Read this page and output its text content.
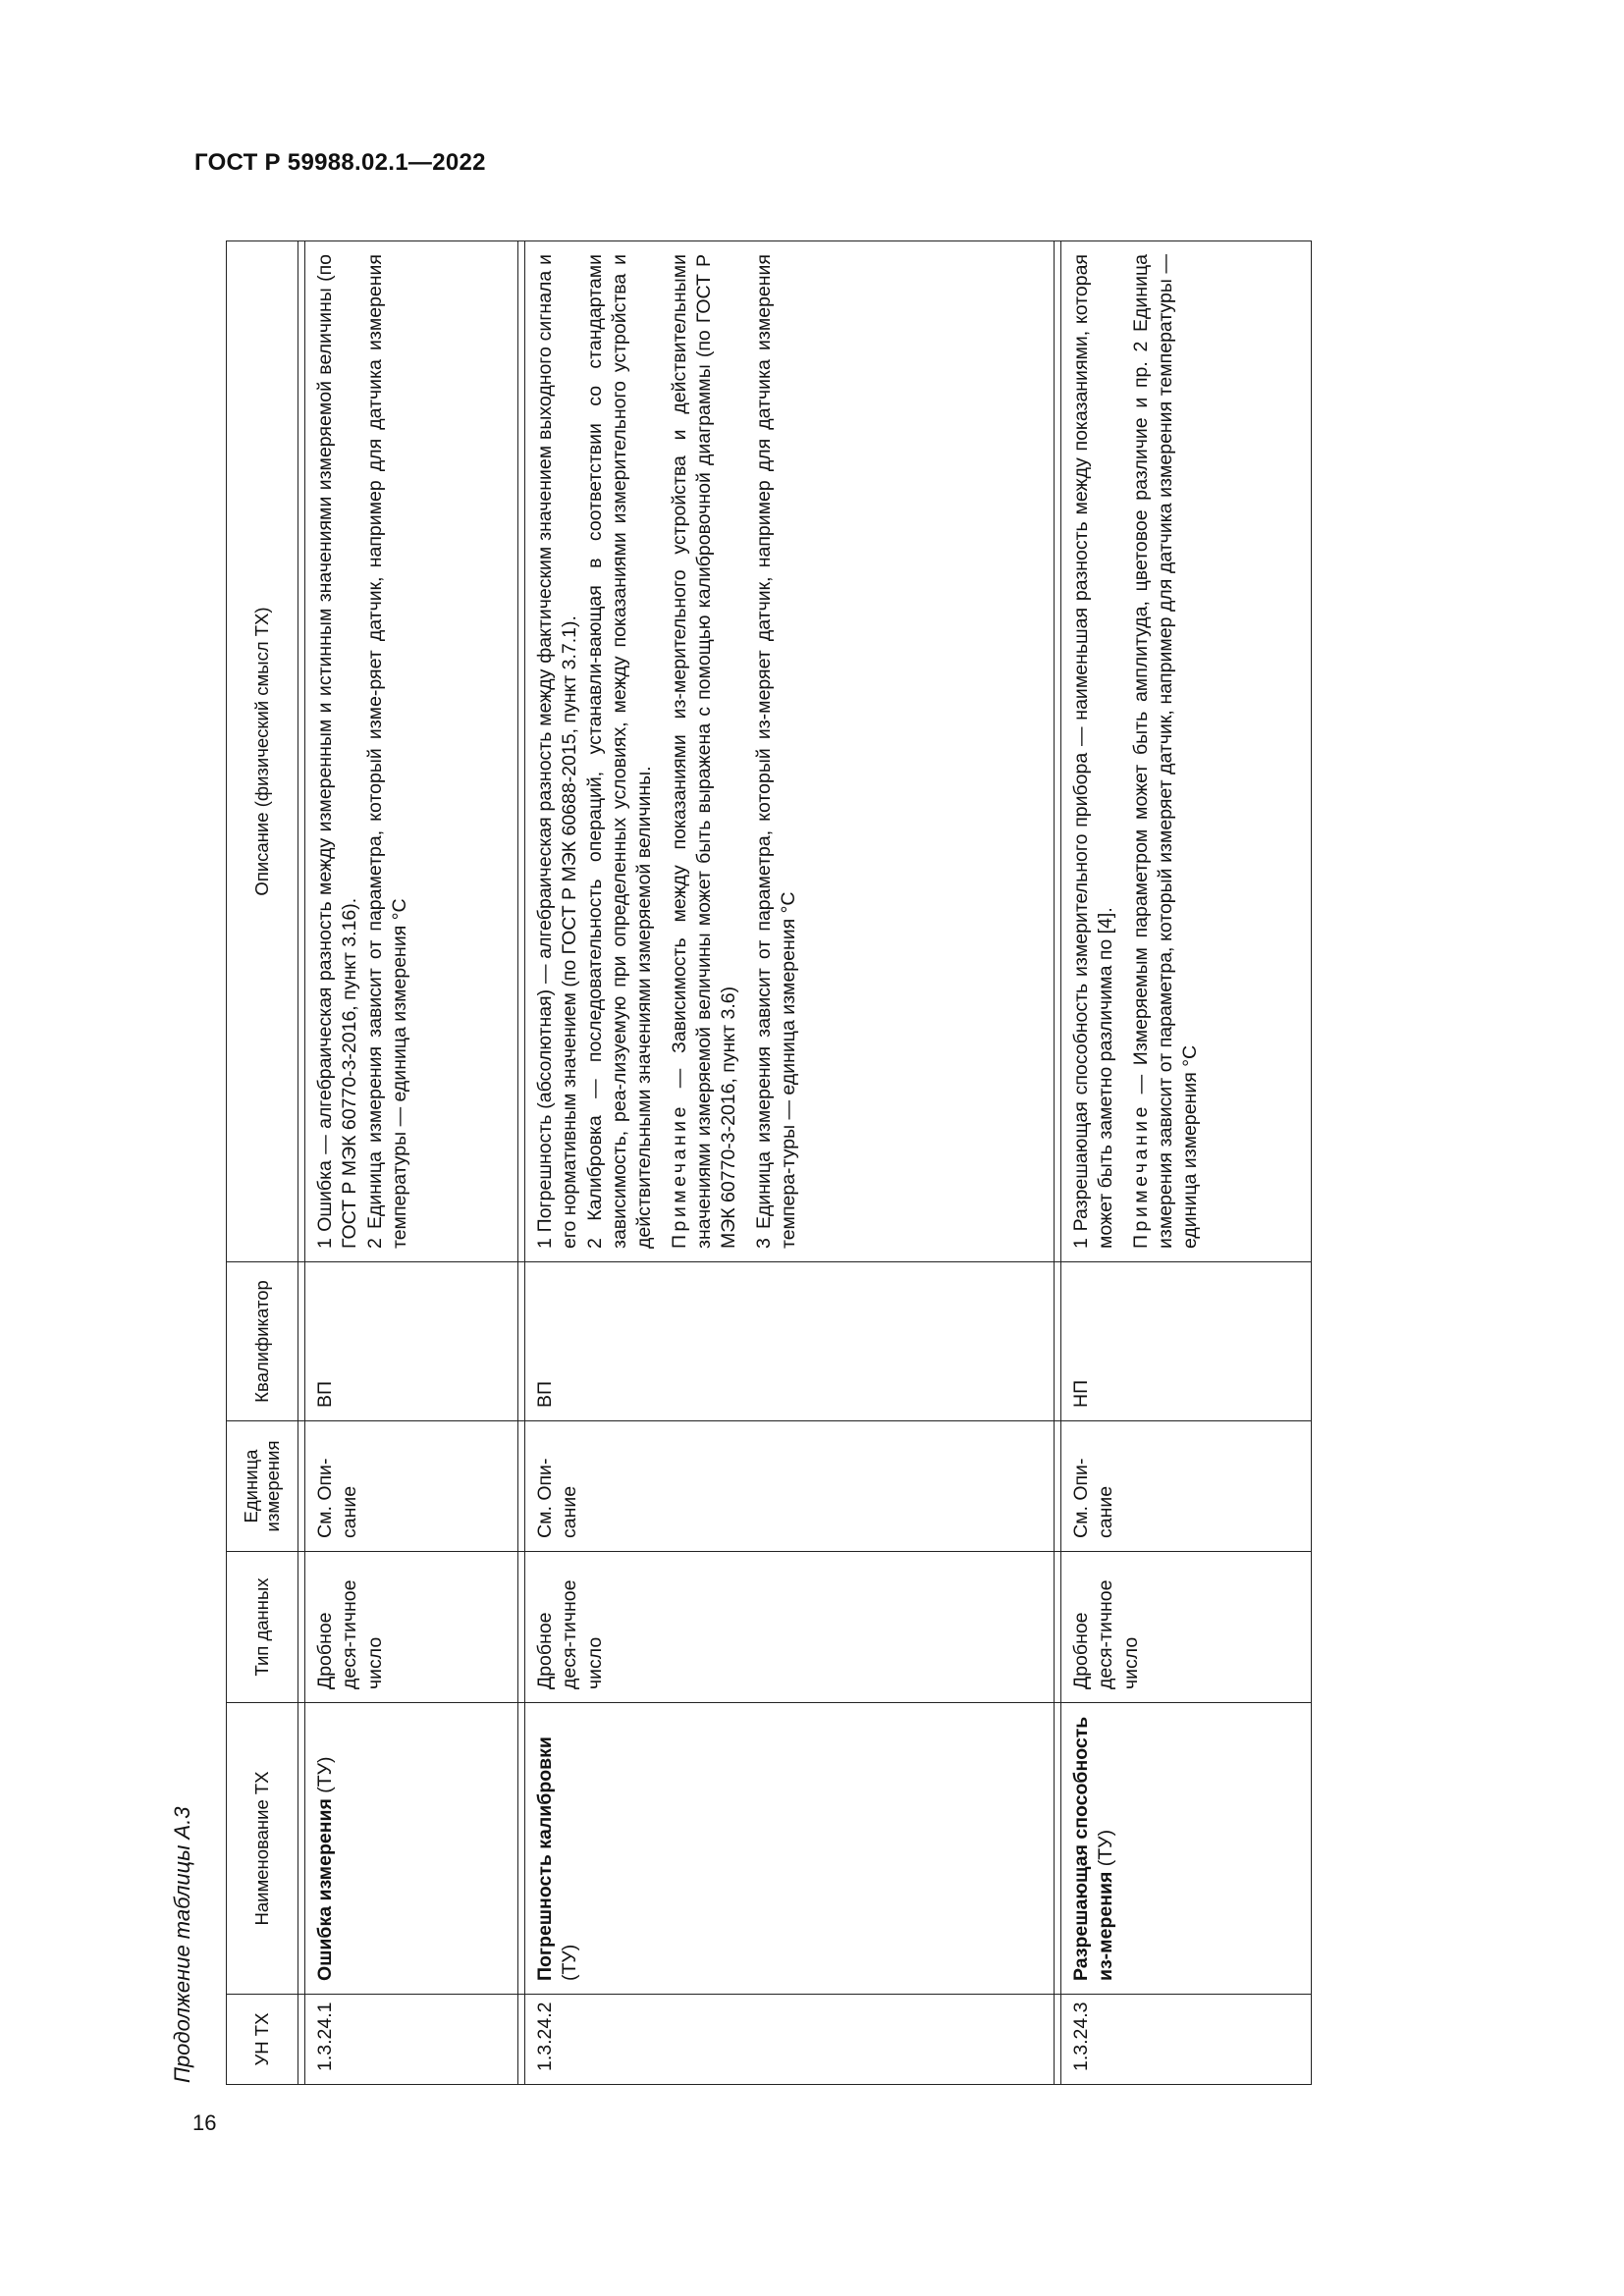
ГОСТ Р 59988.02.1—2022
Продолжение таблицы А.3	УН ТХ	Наименование ТХ	Тип данных	Единица измерения	Квалификатор	Описание (физический смысл ТХ)

1.3.24.1	Ошибка измерения (ТУ)	Дробное деся-тичное число	См. Опи-сание	ВП	1 Ошибка — алгебраическая разность между измеренным и истинным значениями измеряемой величины (по ГОСТ Р МЭК 60770-3-2016, пункт 3.16). 2 Единица измерения зависит от параметра, который изме-ряет датчик, например для датчика измерения температуры — единица измерения °С

1.3.24.2	Погрешность калибровки (ТУ)	Дробное деся-тичное число	См. Опи-сание	ВП	1 Погрешность (абсолютная) — алгебраическая разность между фактическим значением выходного сигнала и его нормативным значением (по ГОСТ Р МЭК 60688-2015, пункт 3.7.1). 2 Калибровка — последовательность операций, устанавли-вающая в соответствии со стандартами зависимость, реа-лизуемую при определенных условиях, между показаниями измерительного устройства и действительными значениями измеряемой величины. Примечание — Зависимость между показаниями из-мерительного устройства и действительными значениями измеряемой величины может быть выражена с помощью калибровочной диаграммы (по ГОСТ Р МЭК 60770-3-2016, пункт 3.6) 3 Единица измерения зависит от параметра, который из-меряет датчик, например для датчика измерения темпера-туры — единица измерения °С

1.3.24.3	Разрешающая способность из-мерения (ТУ)	Дробное деся-тичное число	См. Опи-сание	НП	1 Разрешающая способность измерительного прибора — наименьшая разность между показаниями, которая может быть заметно различима по [4]. Примечание — Измеряемым параметром может быть амплитуда, цветовое различие и пр. 2 Единица измерения зависит от параметра, который измеряет датчик, например для датчика измерения температуры — единица измерения °С

16
